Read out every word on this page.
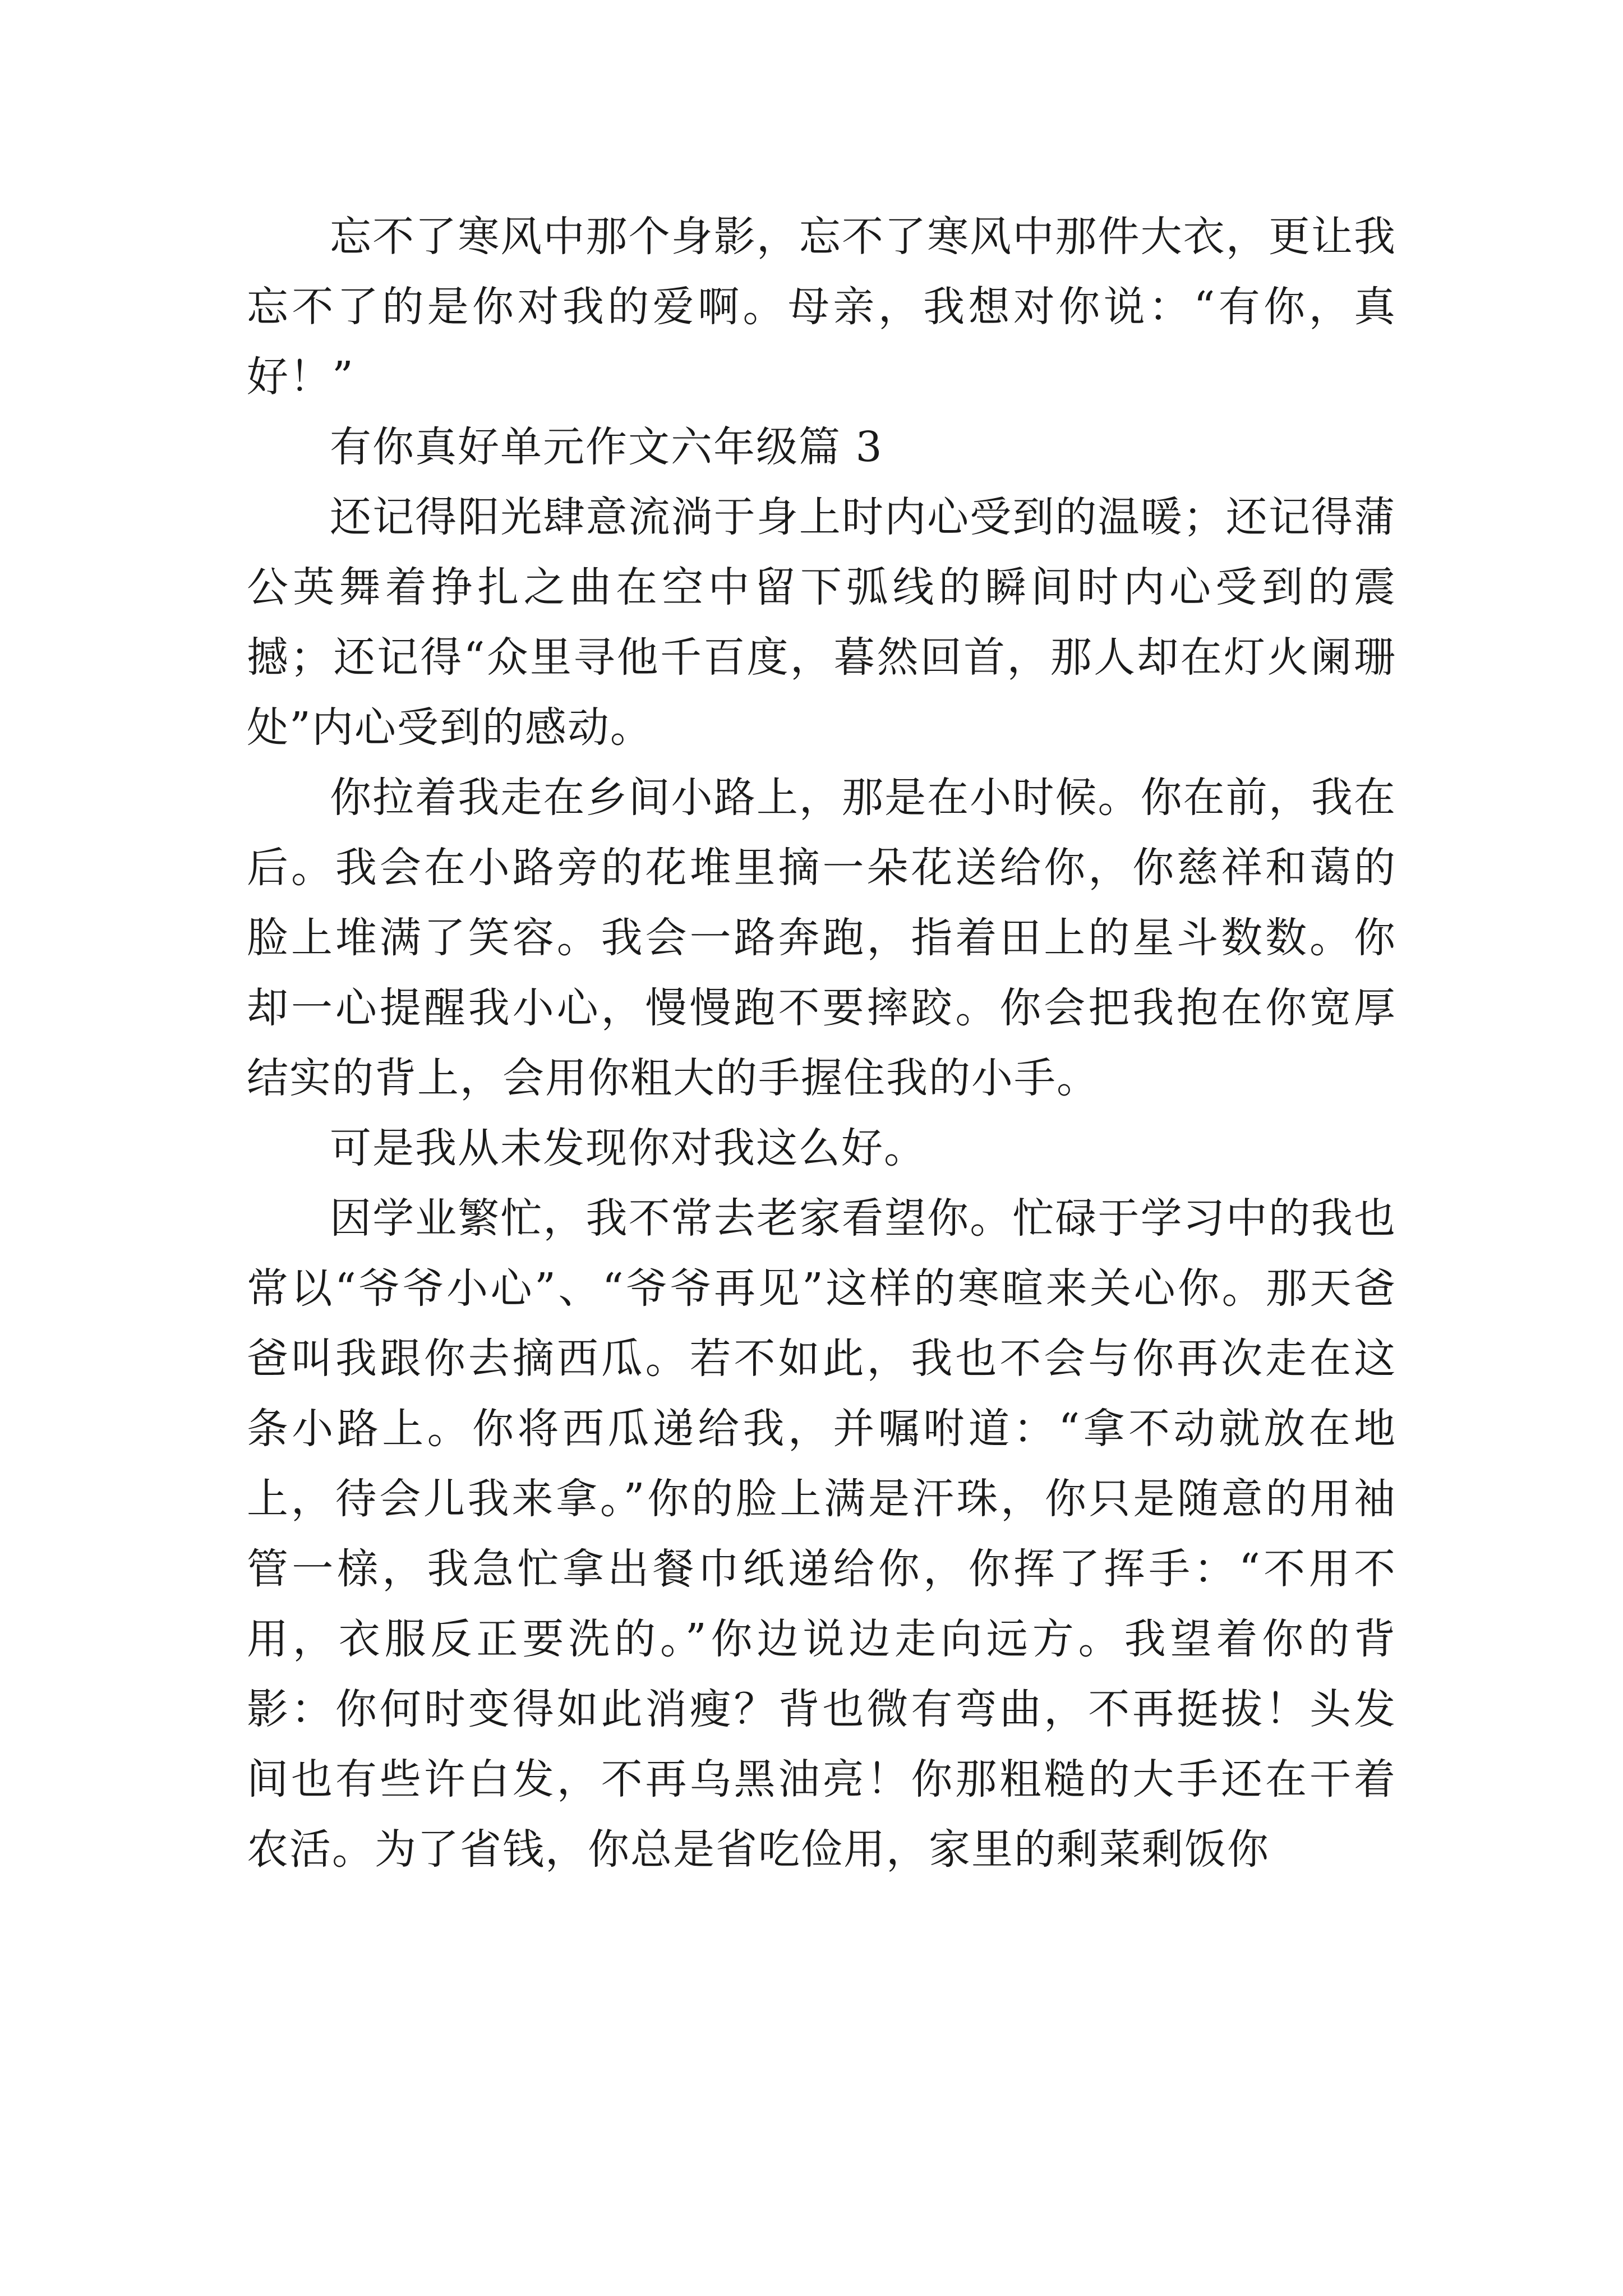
忘不了寒风中那个身影，忘不了寒风中那件大衣，更让我忘不了的是你对我的爱啊。母亲，我想对你说：“有你，真好！”

有你真好单元作文六年级篇 3

还记得阳光肆意流淌于身上时内心受到的温暖；还记得蒲公英舞着挣扎之曲在空中留下弧线的瞬间时内心受到的震撼；还记得“众里寻他千百度，暮然回首，那人却在灯火阑珊处”内心受到的感动。

你拉着我走在乡间小路上，那是在小时候。你在前，我在后。我会在小路旁的花堆里摘一朵花送给你，你慈祥和蔼的脸上堆满了笑容。我会一路奔跑，指着田上的星斗数数。你却一心提醒我小心，慢慢跑不要摔跤。你会把我抱在你宽厚结实的背上，会用你粗大的手握住我的小手。

可是我从未发现你对我这么好。

因学业繁忙，我不常去老家看望你。忙碌于学习中的我也常以“爷爷小心”、“爷爷再见”这样的寒暄来关心你。那天爸爸叫我跟你去摘西瓜。若不如此，我也不会与你再次走在这条小路上。你将西瓜递给我，并嘱咐道：“拿不动就放在地上，待会儿我来拿。”你的脸上满是汗珠，你只是随意的用袖管一榇，我急忙拿出餐巾纸递给你，你挥了挥手：“不用不用，衣服反正要洗的。”你边说边走向远方。我望着你的背影：你何时变得如此消瘦？背也微有弯曲，不再挺拔！头发间也有些许白发，不再乌黑油亮！你那粗糙的大手还在干着农活。为了省钱，你总是省吃俭用，家里的剩菜剩饭你
